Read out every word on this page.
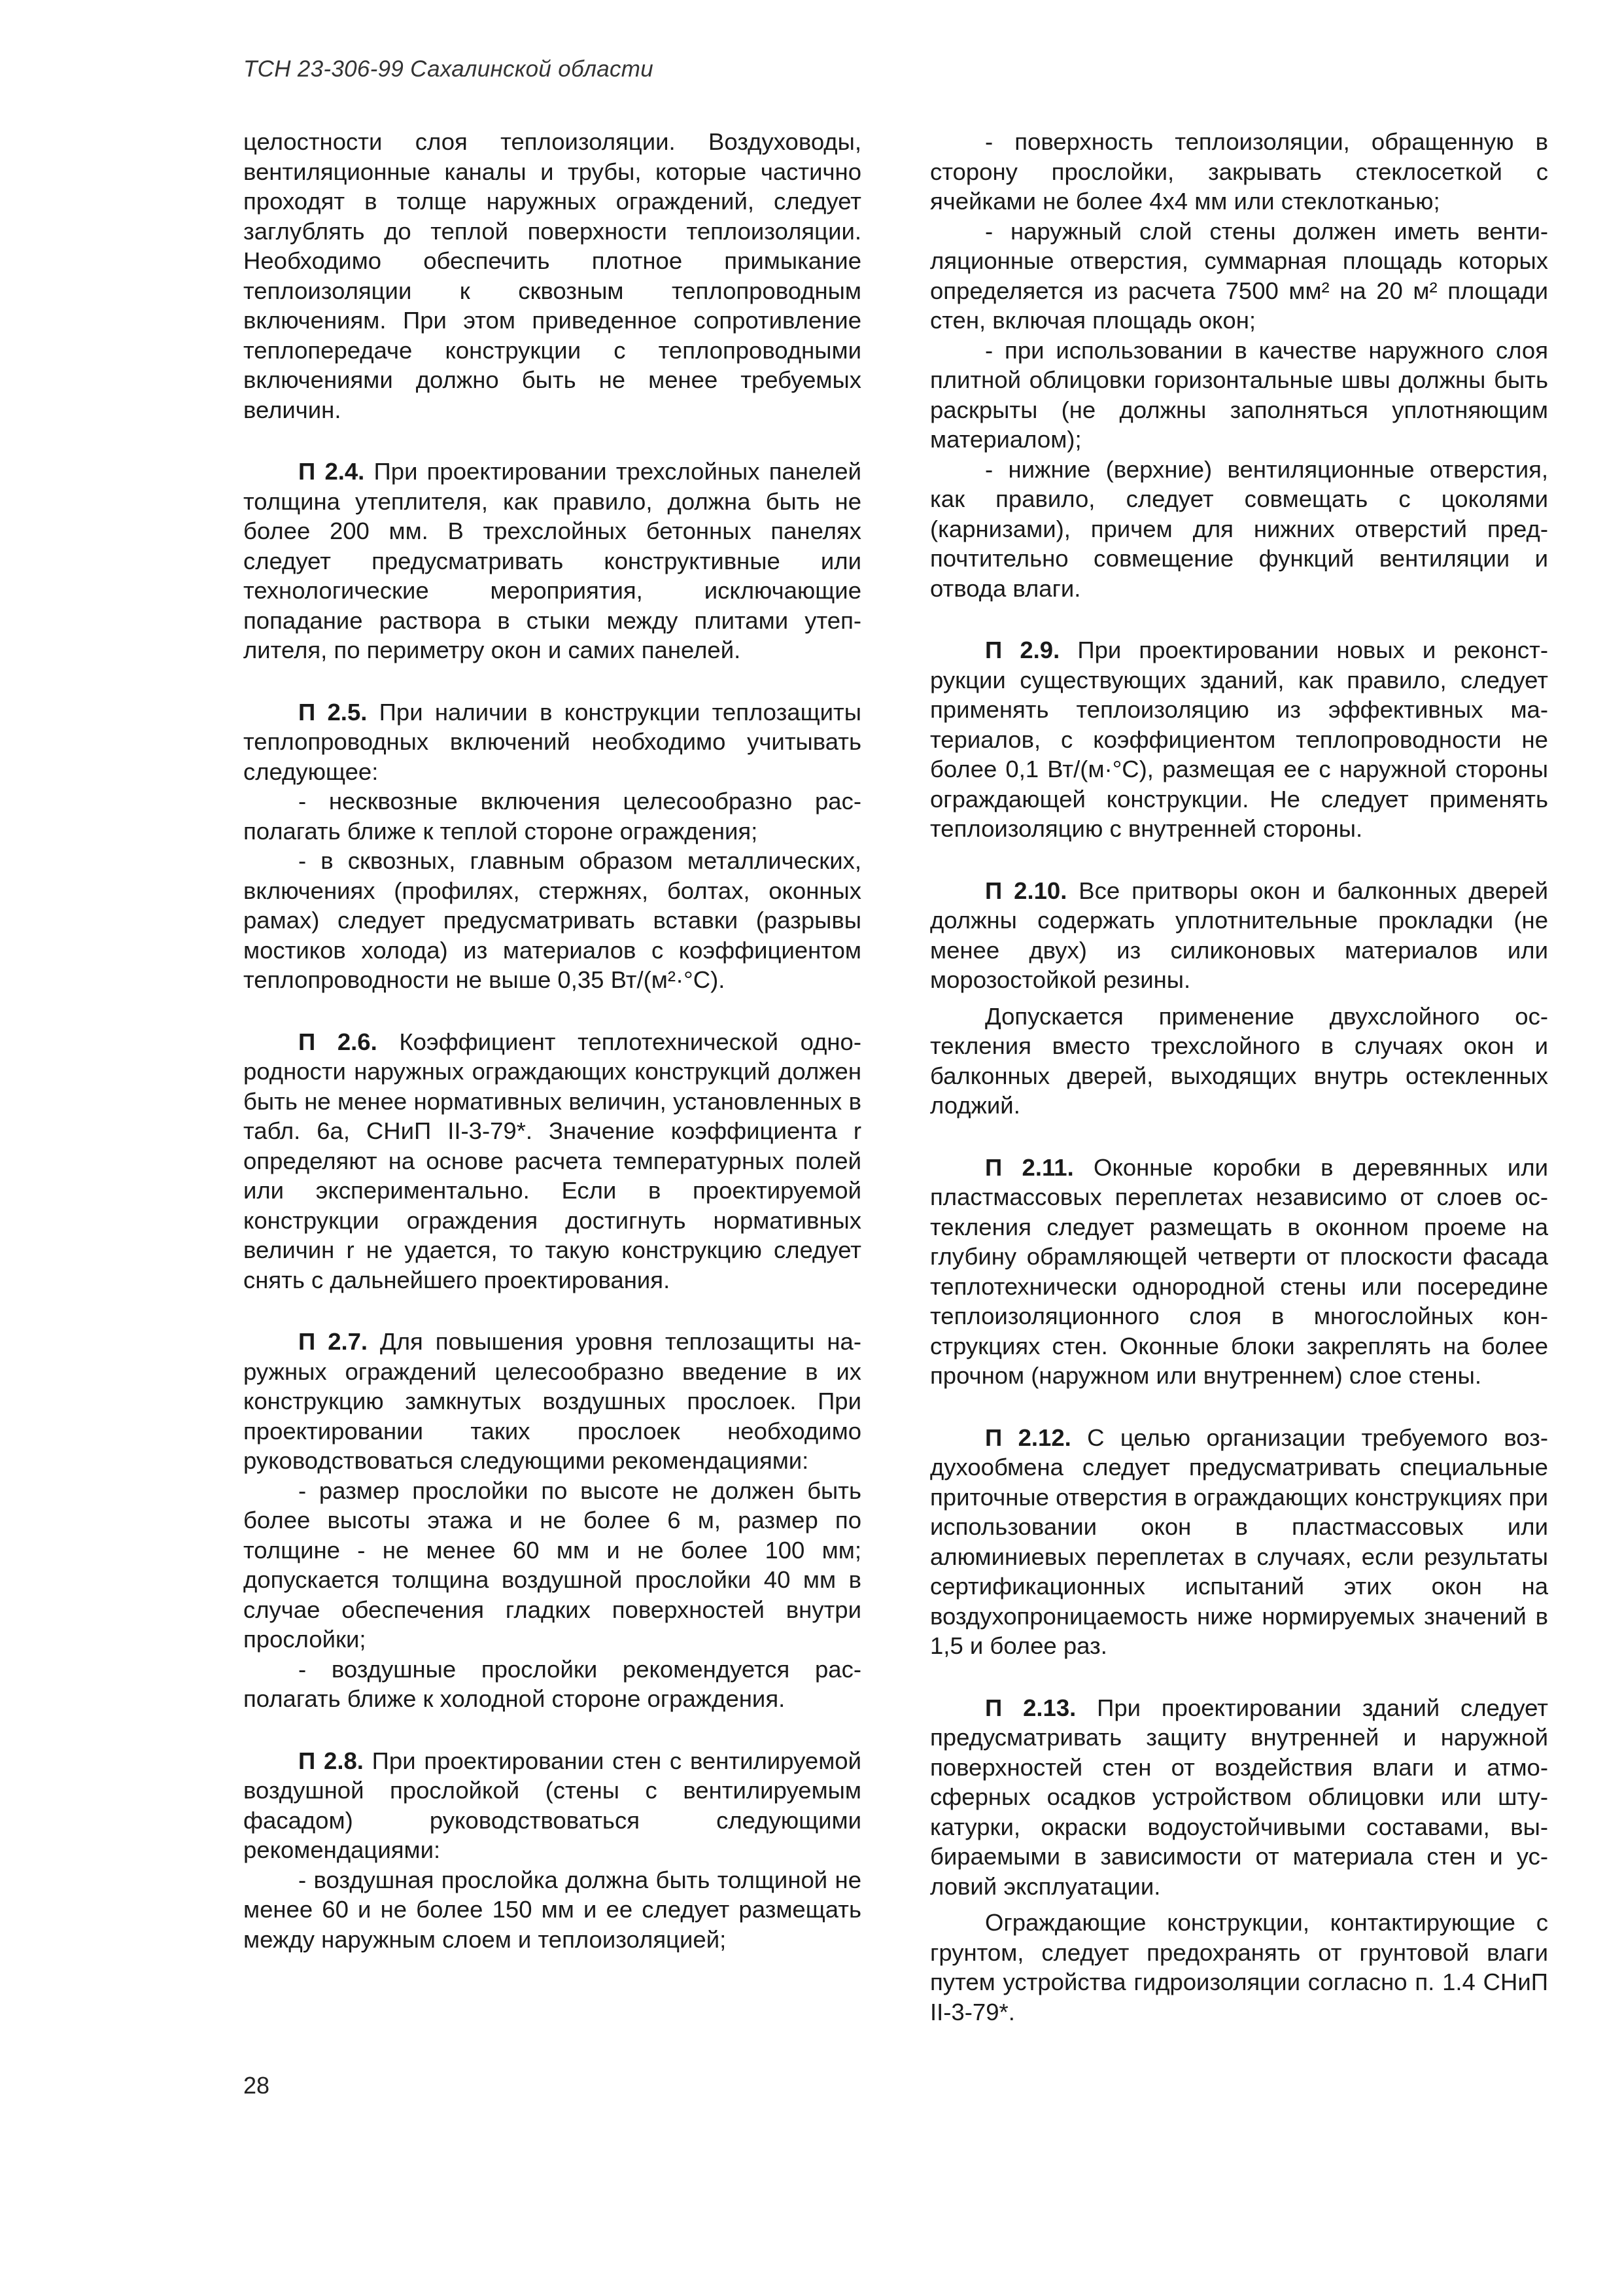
ТСН 23-306-99 Сахалинской области

целостности слоя теплоизоляции. Воздуховоды, вентиляционные каналы и трубы, которые частично проходят в толще наружных ограждений, следует заглублять до теплой поверхности теплоизоляции. Необходимо обеспечить плотное примыкание теплоизоляции к сквозным теплопроводным включениям. При этом приведенное сопротивление теплопередаче конструкции с теплопроводными включениями должно быть не менее требуемых величин.

П 2.4. При проектировании трехслойных панелей толщина утеплителя, как правило, должна быть не более 200 мм. В трехслойных бетонных панелях следует предусматривать конструктивные или технологические мероприятия, исключающие попадание раствора в стыки между плитами утеплителя, по периметру окон и самих панелей.

П 2.5. При наличии в конструкции теплозащиты теплопроводных включений необходимо учитывать следующее:

- несквозные включения целесообразно располагать ближе к теплой стороне ограждения;

- в сквозных, главным образом металлических, включениях (профилях, стержнях, болтах, оконных рамах) следует предусматривать вставки (разрывы мостиков холода) из материалов с коэффициентом теплопроводности не выше 0,35 Вт/(м²·°С).

П 2.6. Коэффициент теплотехнической однородности наружных ограждающих конструкций должен быть не менее нормативных величин, установленных в табл. 6а, СНиП II-3-79*. Значение коэффициента r определяют на основе расчета температурных полей или экспериментально. Если в проектируемой конструкции ограждения достигнуть нормативных величин r не удается, то такую конструкцию следует снять с дальнейшего проектирования.

П 2.7. Для повышения уровня теплозащиты наружных ограждений целесообразно введение в их конструкцию замкнутых воздушных прослоек. При проектировании таких прослоек необходимо руководствоваться следующими рекомендациями:

- размер прослойки по высоте не должен быть более высоты этажа и не более 6 м, размер по толщине - не менее 60 мм и не более 100 мм; допускается толщина воздушной прослойки 40 мм в случае обеспечения гладких поверхностей внутри прослойки;

- воздушные прослойки рекомендуется располагать ближе к холодной стороне ограждения.

П 2.8. При проектировании стен с вентилируемой воздушной прослойкой (стены с вентилируемым фасадом) руководствоваться следующими рекомендациями:

- воздушная прослойка должна быть толщиной не менее 60 и не более 150 мм и ее следует размещать между наружным слоем и теплоизоляцией;

- поверхность теплоизоляции, обращенную в сторону прослойки, закрывать стеклосеткой с ячейками не более 4х4 мм или стеклотканью;

- наружный слой стены должен иметь вентиляционные отверстия, суммарная площадь которых определяется из расчета 7500 мм² на 20 м² площади стен, включая площадь окон;

- при использовании в качестве наружного слоя плитной облицовки горизонтальные швы должны быть раскрыты (не должны заполняться уплотняющим материалом);

- нижние (верхние) вентиляционные отверстия, как правило, следует совмещать с цоколями (карнизами), причем для нижних отверстий предпочтительно совмещение функций вентиляции и отвода влаги.

П 2.9. При проектировании новых и реконструкции существующих зданий, как правило, следует применять теплоизоляцию из эффективных материалов, с коэффициентом теплопроводности не более 0,1 Вт/(м·°С), размещая ее с наружной стороны ограждающей конструкции. Не следует применять теплоизоляцию с внутренней стороны.

П 2.10. Все притворы окон и балконных дверей должны содержать уплотнительные прокладки (не менее двух) из силиконовых материалов или морозостойкой резины.

Допускается применение двухслойного остекления вместо трехслойного в случаях окон и балконных дверей, выходящих внутрь остекленных лоджий.

П 2.11. Оконные коробки в деревянных или пластмассовых переплетах независимо от слоев остекления следует размещать в оконном проеме на глубину обрамляющей четверти от плоскости фасада теплотехнически однородной стены или посередине теплоизоляционного слоя в многослойных конструкциях стен. Оконные блоки закреплять на более прочном (наружном или внутреннем) слое стены.

П 2.12. С целью организации требуемого воздухообмена следует предусматривать специальные приточные отверстия в ограждающих конструкциях при использовании окон в пластмассовых или алюминиевых переплетах в случаях, если результаты сертификационных испытаний этих окон на воздухопроницаемость ниже нормируемых значений в 1,5 и более раз.

П 2.13. При проектировании зданий следует предусматривать защиту внутренней и наружной поверхностей стен от воздействия влаги и атмосферных осадков устройством облицовки или штукатурки, окраски водоустойчивыми составами, выбираемыми в зависимости от материала стен и условий эксплуатации.

Ограждающие конструкции, контактирующие с грунтом, следует предохранять от грунтовой влаги путем устройства гидроизоляции согласно п. 1.4 СНиП II-3-79*.

28
